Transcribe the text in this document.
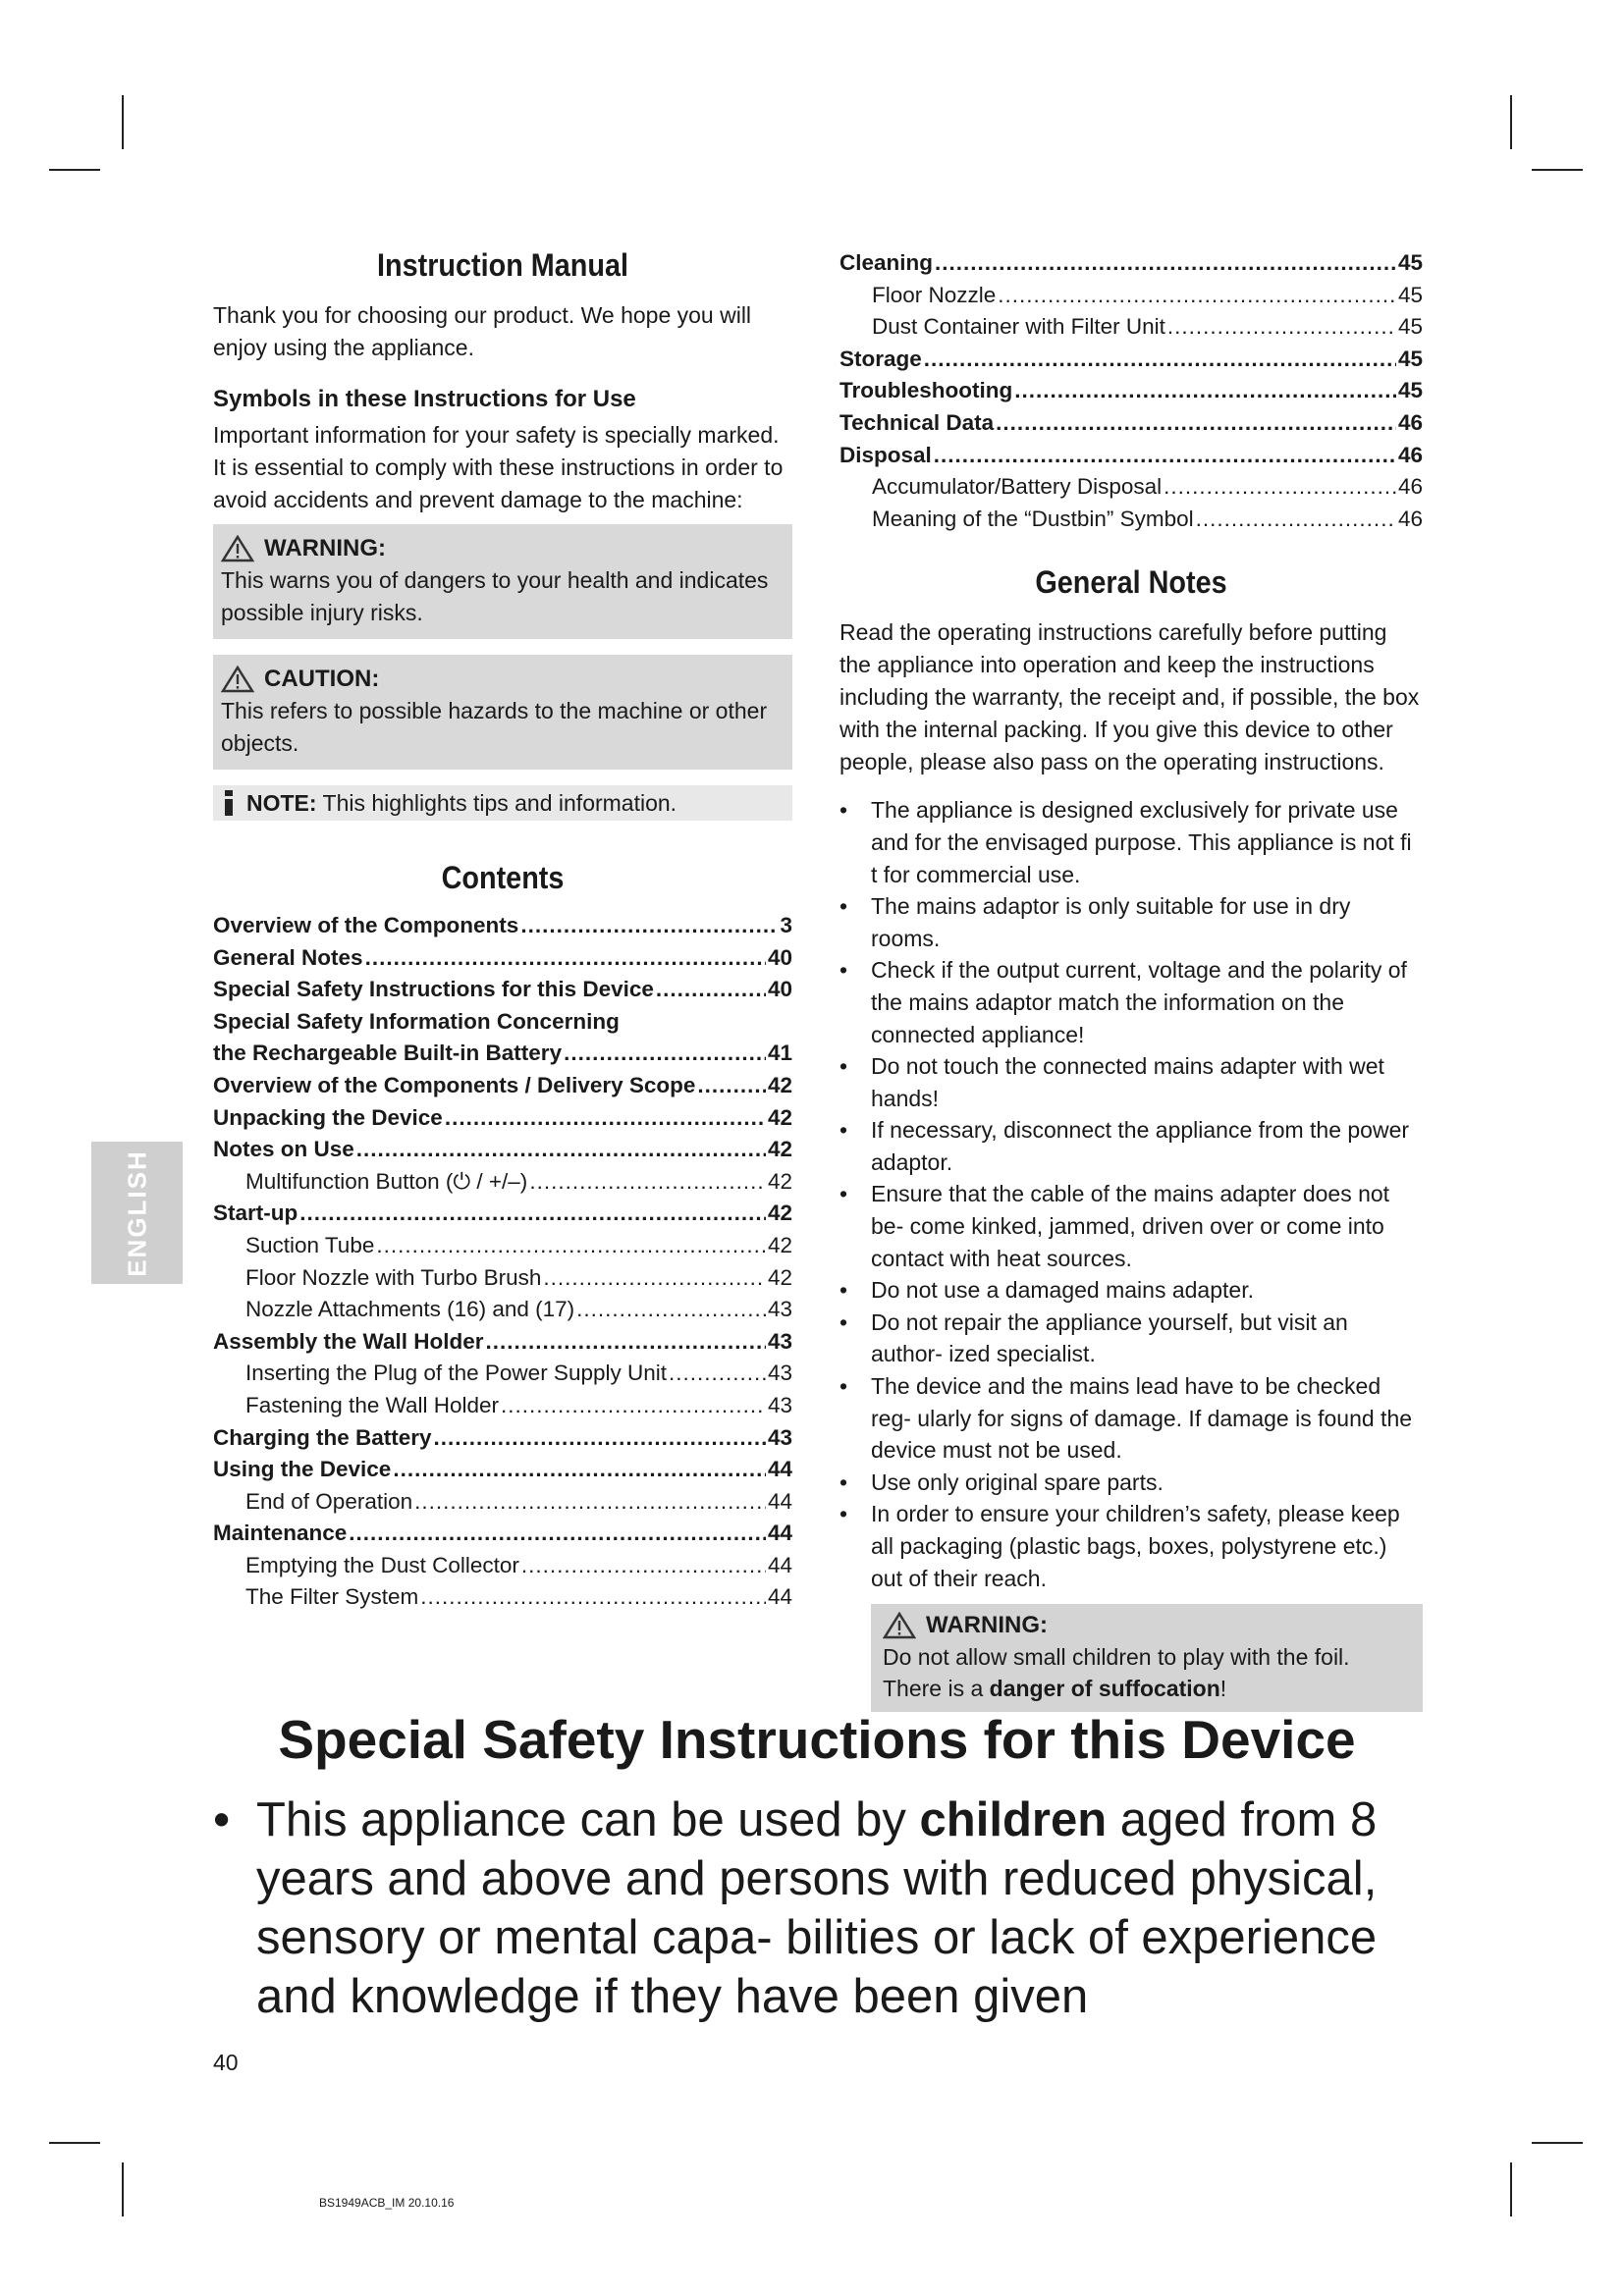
ENGLISH
Instruction Manual

Thank you for choosing our product. We hope you will enjoy using the appliance.

Symbols in these Instructions for Use

Important information for your safety is specially marked. It is essential to comply with these instructions in order to avoid accidents and prevent damage to the machine:

WARNING:
This warns you of dangers to your health and indicates possible injury risks.
CAUTION:
This refers to possible hazards to the machine or other objects.
NOTE: This highlights tips and information.
Contents
Overview of the Components .....	3
General Notes .....	40
Special Safety Instructions for this Device .....	40
Special Safety Information Concerning
the Rechargeable Built-in Battery .....	41
Overview of the Components / Delivery Scope .....	42
Unpacking the Device .....	42
Notes on Use .....	42
Multifunction Button (⏻ / +/–) .....	42
Start-up .....	42
Suction Tube .....	42
Floor Nozzle with Turbo Brush .....	42
Nozzle Attachments (16) and (17) .....	43
Assembly the Wall Holder .....	43
Inserting the Plug of the Power Supply Unit .....	43
Fastening the Wall Holder .....	43
Charging the Battery .....	43
Using the Device .....	44
End of Operation .....	44
Maintenance .....	44
Emptying the Dust Collector .....	44
The Filter System .....	44
Cleaning .....	45
Floor Nozzle .....	45
Dust Container with Filter Unit .....	45
Storage .....	45
Troubleshooting .....	45
Technical Data .....	46
Disposal .....	46
Accumulator/Battery Disposal .....	46
Meaning of the “Dustbin” Symbol .....	46
General Notes

Read the operating instructions carefully before putting the appliance into operation and keep the instructions including the warranty, the receipt and, if possible, the box with the internal packing. If you give this device to other people, please also pass on the operating instructions.

• The appliance is designed exclusively for private use and for the envisaged purpose. This appliance is not fi t for commercial use.
• The mains adaptor is only suitable for use in dry rooms.
• Check if the output current, voltage and the polarity of the mains adaptor match the information on the connected appliance!
• Do not touch the connected mains adapter with wet hands!
• If necessary, disconnect the appliance from the power adaptor.
• Ensure that the cable of the mains adapter does not be- come kinked, jammed, driven over or come into contact with heat sources.
• Do not use a damaged mains adapter.
• Do not repair the appliance yourself, but visit an author- ized specialist.
• The device and the mains lead have to be checked reg- ularly for signs of damage. If damage is found the device must not be used.
• Use only original spare parts.
• In order to ensure your children’s safety, please keep all packaging (plastic bags, boxes, polystyrene etc.) out of their reach.
WARNING:
Do not allow small children to play with the foil. There is a danger of suffocation!
Special Safety Instructions for this Device
• This appliance can be used by children aged from 8 years and above and persons with reduced physical, sensory or mental capa- bilities or lack of experience and knowledge if they have been given
40
BS1949ACB_IM 20.10.16
